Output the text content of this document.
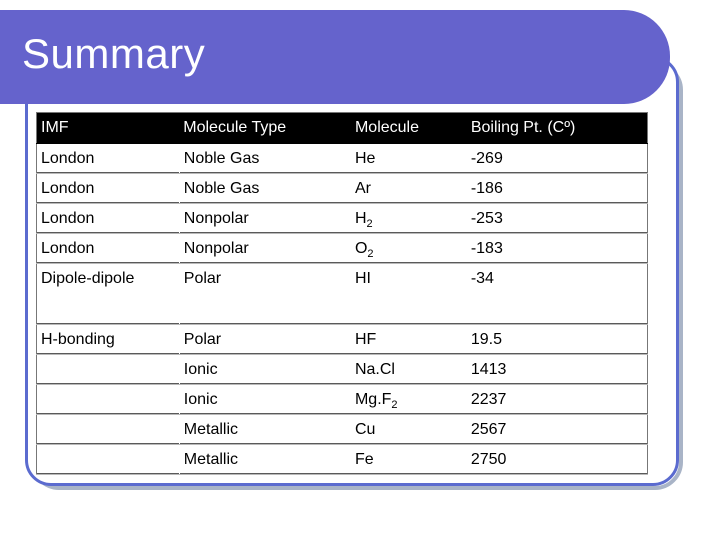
Summary
IMF	Molecule Type	Molecule	Boiling Pt. (Cº)
London	Noble Gas	He	-269
London	Noble Gas	Ar	-186
London	Nonpolar	$H_2$	-253
London	Nonpolar	$O_2$	-183
Dipole-dipole	Polar	HI	-34
H-bonding	Polar	HF	19.5
	Ionic	Na.Cl	1413
	Ionic	$Mg.F_2$	2237
	Metallic	Cu	2567
	Metallic	Fe	2750
